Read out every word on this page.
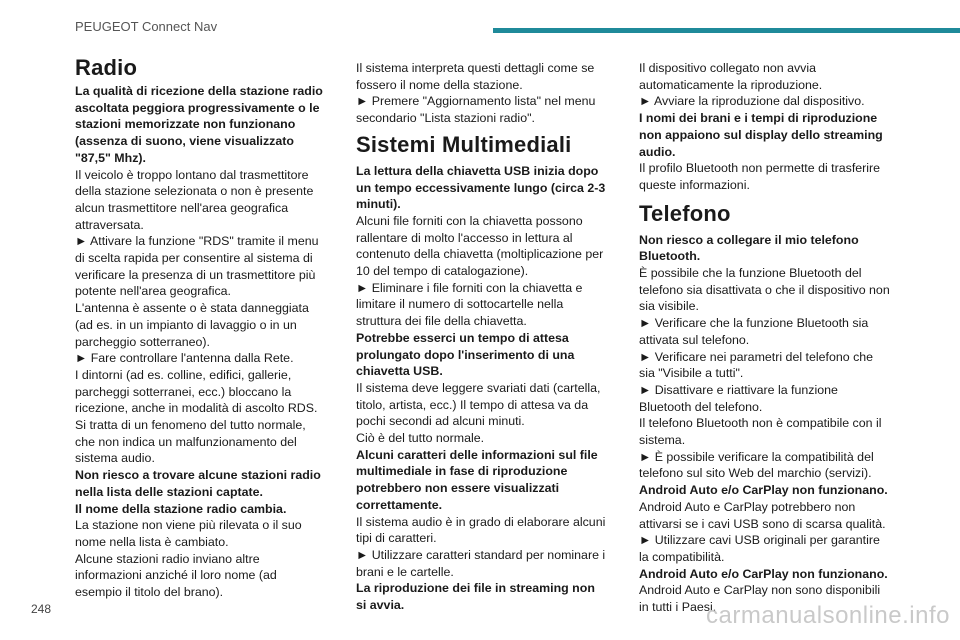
PEUGEOT Connect Nav
Radio

La qualità di ricezione della stazione radio ascoltata peggiora progressivamente o le stazioni memorizzate non funzionano (assenza di suono, viene visualizzato "87,5" Mhz).

Il veicolo è troppo lontano dal trasmettitore della stazione selezionata o non è presente alcun trasmettitore nell'area geografica attraversata.

► Attivare la funzione "RDS" tramite il menu di scelta rapida per consentire al sistema di verificare la presenza di un trasmettitore più potente nell'area geografica.

L'antenna è assente o è stata danneggiata (ad es. in un impianto di lavaggio o in un parcheggio sotterraneo).

► Fare controllare l'antenna dalla Rete.

I dintorni (ad es. colline, edifici, gallerie, parcheggi sotterranei, ecc.) bloccano la ricezione, anche in modalità di ascolto RDS.

Si tratta di un fenomeno del tutto normale, che non indica un malfunzionamento del sistema audio.

Non riesco a trovare alcune stazioni radio nella lista delle stazioni captate.

Il nome della stazione radio cambia.

La stazione non viene più rilevata o il suo nome nella lista è cambiato.

Alcune stazioni radio inviano altre informazioni anziché il loro nome (ad esempio il titolo del brano).

Il sistema interpreta questi dettagli come se fossero il nome della stazione.

► Premere "Aggiornamento lista" nel menu secondario "Lista stazioni radio".

Sistemi Multimediali

La lettura della chiavetta USB inizia dopo un tempo eccessivamente lungo (circa 2-3 minuti).

Alcuni file forniti con la chiavetta possono rallentare di molto l'accesso in lettura al contenuto della chiavetta (moltiplicazione per 10 del tempo di catalogazione).

► Eliminare i file forniti con la chiavetta e limitare il numero di sottocartelle nella struttura dei file della chiavetta.

Potrebbe esserci un tempo di attesa prolungato dopo l'inserimento di una chiavetta USB.

Il sistema deve leggere svariati dati (cartella, titolo, artista, ecc.) Il tempo di attesa va da pochi secondi ad alcuni minuti.

Ciò è del tutto normale.

Alcuni caratteri delle informazioni sul file multimediale in fase di riproduzione potrebbero non essere visualizzati correttamente.

Il sistema audio è in grado di elaborare alcuni tipi di caratteri.

► Utilizzare caratteri standard per nominare i brani e le cartelle.

La riproduzione dei file in streaming non si avvia.

Il dispositivo collegato non avvia automaticamente la riproduzione.

► Avviare la riproduzione dal dispositivo.

I nomi dei brani e i tempi di riproduzione non appaiono sul display dello streaming audio.

Il profilo Bluetooth non permette di trasferire queste informazioni.

Telefono

Non riesco a collegare il mio telefono Bluetooth.

È possibile che la funzione Bluetooth del telefono sia disattivata o che il dispositivo non sia visibile.

► Verificare che la funzione Bluetooth sia attivata sul telefono.

► Verificare nei parametri del telefono che sia "Visibile a tutti".

► Disattivare e riattivare la funzione Bluetooth del telefono.

Il telefono Bluetooth non è compatibile con il sistema.

► È possibile verificare la compatibilità del telefono sul sito Web del marchio (servizi).

Android Auto e/o CarPlay non funzionano.

Android Auto e CarPlay potrebbero non attivarsi se i cavi USB sono di scarsa qualità.

► Utilizzare cavi USB originali per garantire la compatibilità.

Android Auto e/o CarPlay non funzionano.

Android Auto e CarPlay non sono disponibili in tutti i Paesi.

248	carmanualsonline.info
